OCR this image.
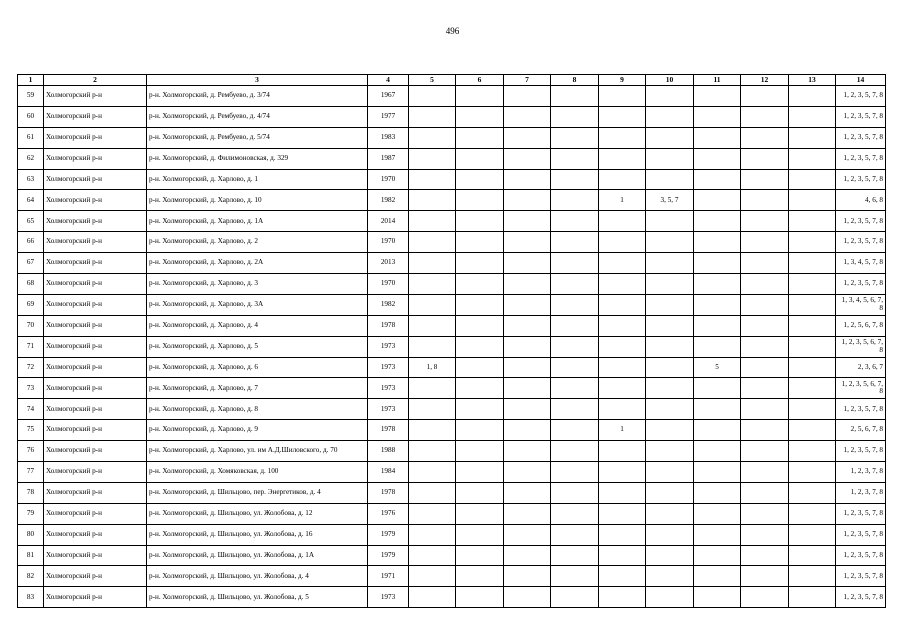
496
1	2	3	4	5	6	7	8	9	10	11	12	13	14
59	Холмогорский р-н	р-н. Холмогорский, д. Рембуево, д. 3/74	1967										1, 2, 3, 5, 7, 8
60	Холмогорский р-н	р-н. Холмогорский, д. Рембуево, д. 4/74	1977										1, 2, 3, 5, 7, 8
61	Холмогорский р-н	р-н. Холмогорский, д. Рембуево, д. 5/74	1983										1, 2, 3, 5, 7, 8
62	Холмогорский р-н	р-н. Холмогорский, д. Филимоновская, д. 329	1987										1, 2, 3, 5, 7, 8
63	Холмогорский р-н	р-н. Холмогорский, д. Харлово, д. 1	1970										1, 2, 3, 5, 7, 8
64	Холмогорский р-н	р-н. Холмогорский, д. Харлово, д. 10	1982					1	3, 5, 7				4, 6, 8
65	Холмогорский р-н	р-н. Холмогорский, д. Харлово, д. 1А	2014										1, 2, 3, 5, 7, 8
66	Холмогорский р-н	р-н. Холмогорский, д. Харлово, д. 2	1970										1, 2, 3, 5, 7, 8
67	Холмогорский р-н	р-н. Холмогорский, д. Харлово, д. 2А	2013										1, 3, 4, 5, 7, 8
68	Холмогорский р-н	р-н. Холмогорский, д. Харлово, д. 3	1970										1, 2, 3, 5, 7, 8
69	Холмогорский р-н	р-н. Холмогорский, д. Харлово, д. 3А	1982										1, 3, 4, 5, 6, 7, 8
70	Холмогорский р-н	р-н. Холмогорский, д. Харлово, д. 4	1978										1, 2, 5, 6, 7, 8
71	Холмогорский р-н	р-н. Холмогорский, д. Харлово, д. 5	1973										1, 2, 3, 5, 6, 7, 8
72	Холмогорский р-н	р-н. Холмогорский, д. Харлово, д. 6	1973	1, 8						5			2, 3, 6, 7
73	Холмогорский р-н	р-н. Холмогорский, д. Харлово, д. 7	1973										1, 2, 3, 5, 6, 7, 8
74	Холмогорский р-н	р-н. Холмогорский, д. Харлово, д. 8	1973										1, 2, 3, 5, 7, 8
75	Холмогорский р-н	р-н. Холмогорский, д. Харлово, д. 9	1978					1					2, 5, 6, 7, 8
76	Холмогорский р-н	р-н. Холмогорский, д. Харлово, ул. им А.Д.Шиловского, д. 70	1988										1, 2, 3, 5, 7, 8
77	Холмогорский р-н	р-н. Холмогорский, д. Хомяковская, д. 100	1984										1, 2, 3, 7, 8
78	Холмогорский р-н	р-н. Холмогорский, д. Шильцово, пер. Энергетиков, д. 4	1978										1, 2, 3, 7, 8
79	Холмогорский р-н	р-н. Холмогорский, д. Шильцово, ул. Жолобова, д. 12	1976										1, 2, 3, 5, 7, 8
80	Холмогорский р-н	р-н. Холмогорский, д. Шильцово, ул. Жолобова, д. 16	1979										1, 2, 3, 5, 7, 8
81	Холмогорский р-н	р-н. Холмогорский, д. Шильцово, ул. Жолобова, д. 1А	1979										1, 2, 3, 5, 7, 8
82	Холмогорский р-н	р-н. Холмогорский, д. Шильцово, ул. Жолобова, д. 4	1971										1, 2, 3, 5, 7, 8
83	Холмогорский р-н	р-н. Холмогорский, д. Шильцово, ул. Жолобова, д. 5	1973										1, 2, 3, 5, 7, 8
